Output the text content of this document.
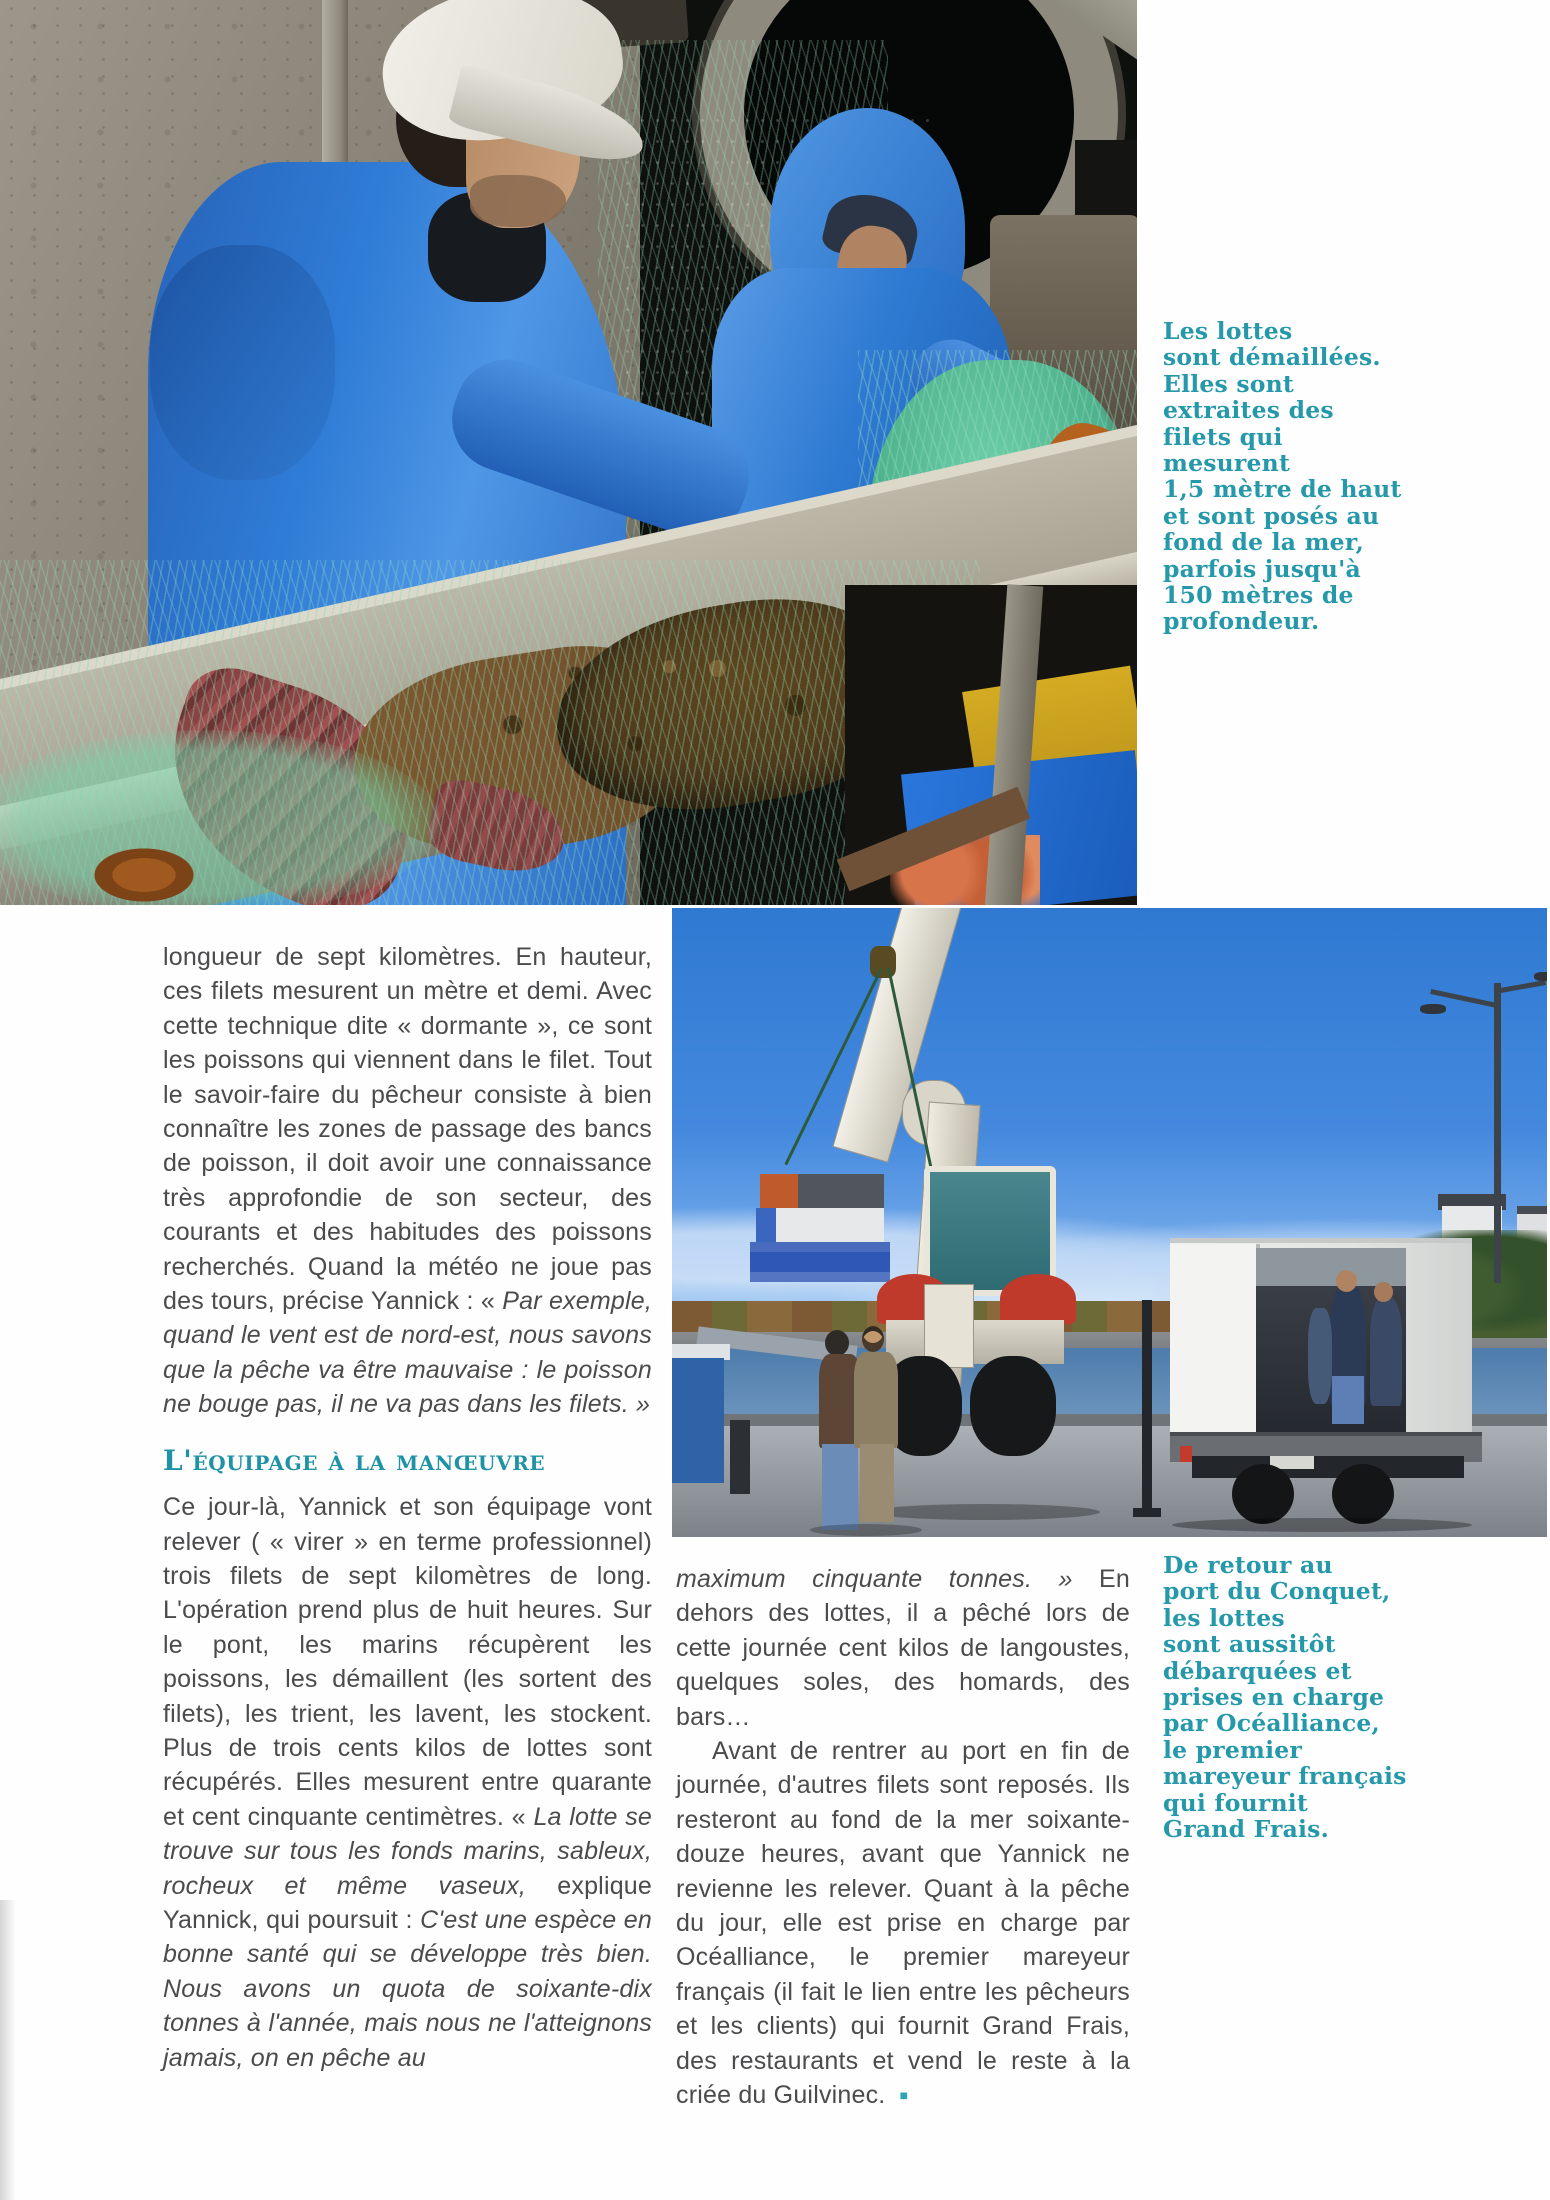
Les lottes
sont démaillées.
Elles sont
extraites des
filets qui
mesurent
1,5 mètre de haut
et sont posés au
fond de la mer,
parfois jusqu'à
150 mètres de
profondeur.
De retour au
port du Conquet,
les lottes
sont aussitôt
débarquées et
prises en charge
par Océalliance,
le premier
mareyeur français
qui fournit
Grand Frais.

longueur de sept kilomètres. En hauteur, ces filets mesurent un mètre et demi. Avec cette technique dite « dormante », ce sont les poissons qui viennent dans le filet. Tout le savoir-faire du pêcheur consiste à bien connaître les zones de passage des bancs de poisson, il doit avoir une connaissance très approfondie de son secteur, des courants et des habitudes des poissons recherchés. Quand la météo ne joue pas des tours, précise Yannick : « Par exemple, quand le vent est de nord-est, nous savons que la pêche va être mauvaise : le poisson ne bouge pas, il ne va pas dans les filets. »

L'équipage à la manœuvre

Ce jour-là, Yannick et son équipage vont relever ( « virer » en terme professionnel) trois filets de sept kilomètres de long. L'opération prend plus de huit heures. Sur le pont, les marins récupèrent les poissons, les démaillent (les sortent des filets), les trient, les lavent, les stockent. Plus de trois cents kilos de lottes sont récupérés. Elles mesurent entre quarante et cent cinquante centimètres. « La lotte se trouve sur tous les fonds marins, sableux, rocheux et même vaseux, explique Yannick, qui poursuit : C'est une espèce en bonne santé qui se développe très bien. Nous avons un quota de soixante-dix tonnes à l'année, mais nous ne l'atteignons jamais, on en pêche au

maximum cinquante tonnes. » En dehors des lottes, il a pêché lors de cette journée cent kilos de langoustes, quelques soles, des homards, des bars…

Avant de rentrer au port en fin de journée, d'autres filets sont reposés. Ils resteront au fond de la mer soixante-douze heures, avant que Yannick ne revienne les relever. Quant à la pêche du jour, elle est prise en charge par Océalliance, le premier mareyeur français (il fait le lien entre les pêcheurs et les clients) qui fournit Grand Frais, des restaurants et vend le reste à la criée du Guilvinec. ■
